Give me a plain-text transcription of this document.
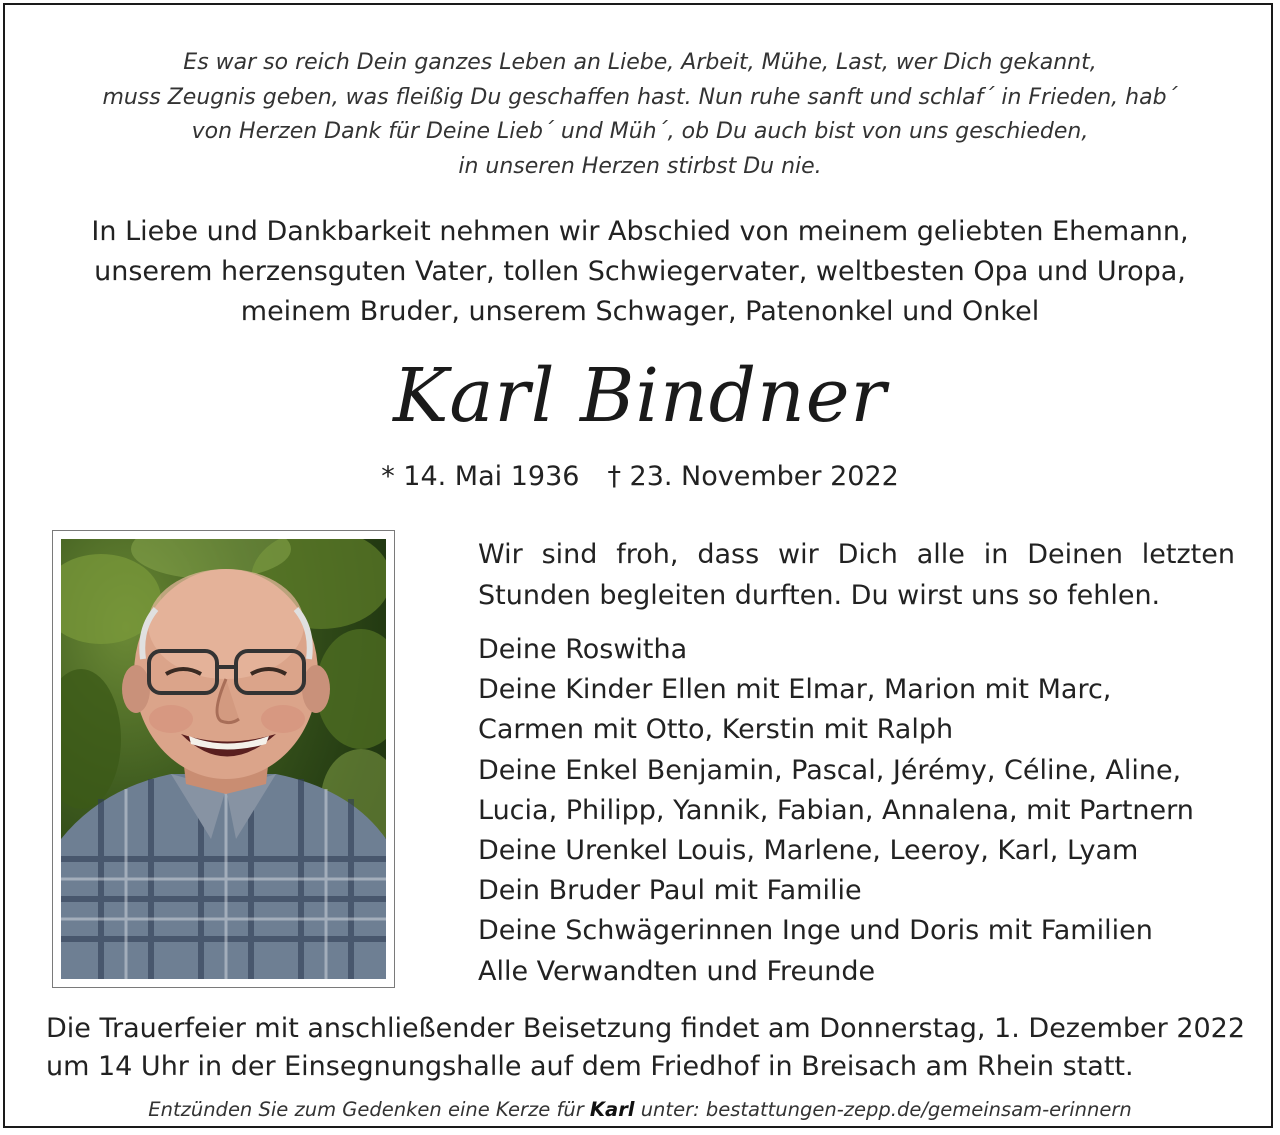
Es war so reich Dein ganzes Leben an Liebe, Arbeit, Mühe, Last, wer Dich gekannt,
muss Zeugnis geben, was fleißig Du geschaffen hast. Nun ruhe sanft und schlaf´ in Frieden, hab´
von Herzen Dank für Deine Lieb´ und Müh´, ob Du auch bist von uns geschieden,
in unseren Herzen stirbst Du nie.
In Liebe und Dankbarkeit nehmen wir Abschied von meinem geliebten Ehemann,
unserem herzensguten Vater, tollen Schwiegervater, weltbesten Opa und Uropa,
meinem Bruder, unserem Schwager, Patenonkel und Onkel
Karl Bindner
* 14. Mai 1936 † 23. November 2022
Wir sind froh, dass wir Dich alle in Deinen letzten
Stunden begleiten durften. Du wirst uns so fehlen.
Deine Roswitha
Deine Kinder Ellen mit Elmar, Marion mit Marc,
Carmen mit Otto, Kerstin mit Ralph
Deine Enkel Benjamin, Pascal, Jérémy, Céline, Aline,
Lucia, Philipp, Yannik, Fabian, Annalena, mit Partnern
Deine Urenkel Louis, Marlene, Leeroy, Karl, Lyam
Dein Bruder Paul mit Familie
Deine Schwägerinnen Inge und Doris mit Familien
Alle Verwandten und Freunde
Die Trauerfeier mit anschließender Beisetzung findet am Donnerstag, 1. Dezember 2022
um 14 Uhr in der Einsegnungshalle auf dem Friedhof in Breisach am Rhein statt.
Entzünden Sie zum Gedenken eine Kerze für Karl unter: bestattungen-zepp.de/gemeinsam-erinnern
